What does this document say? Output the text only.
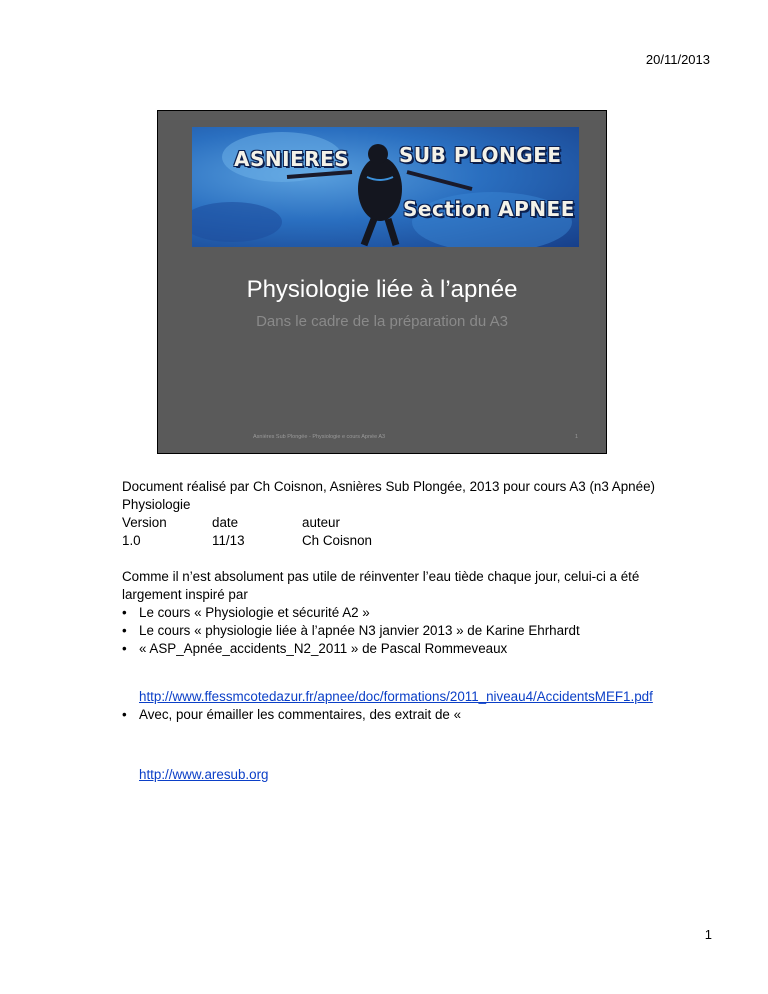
20/11/2013
ASNIERES SUB PLONGEE
Section APNEE
Physiologie liée à l’apnée
Dans le cadre de la préparation du A3
Asnières Sub Plongée - Physiologie e cours Apnée A3	1

Document réalisé par Ch Coisnon, Asnières Sub Plongée, 2013 pour cours A3 (n3 Apnée) Physiologie

Version	date	auteur
1.0	11/13	Ch Coisnon

Comme il n’est absolument pas utile de réinventer l’eau tiède chaque jour, celui-ci a été largement inspiré par

• Le cours « Physiologie et sécurité A2 »
• Le cours « physiologie liée à l’apnée N3 janvier 2013 » de Karine Ehrhardt
• « ASP_Apnée_accidents_N2_2011 » de Pascal Rommeveaux
http://www.ffessmcotedazur.fr/apnee/doc/formations/2011_niveau4/AccidentsMEF1.pdf
• Avec, pour émailler les commentaires, des extrait de «
http://www.aresub.org
1
